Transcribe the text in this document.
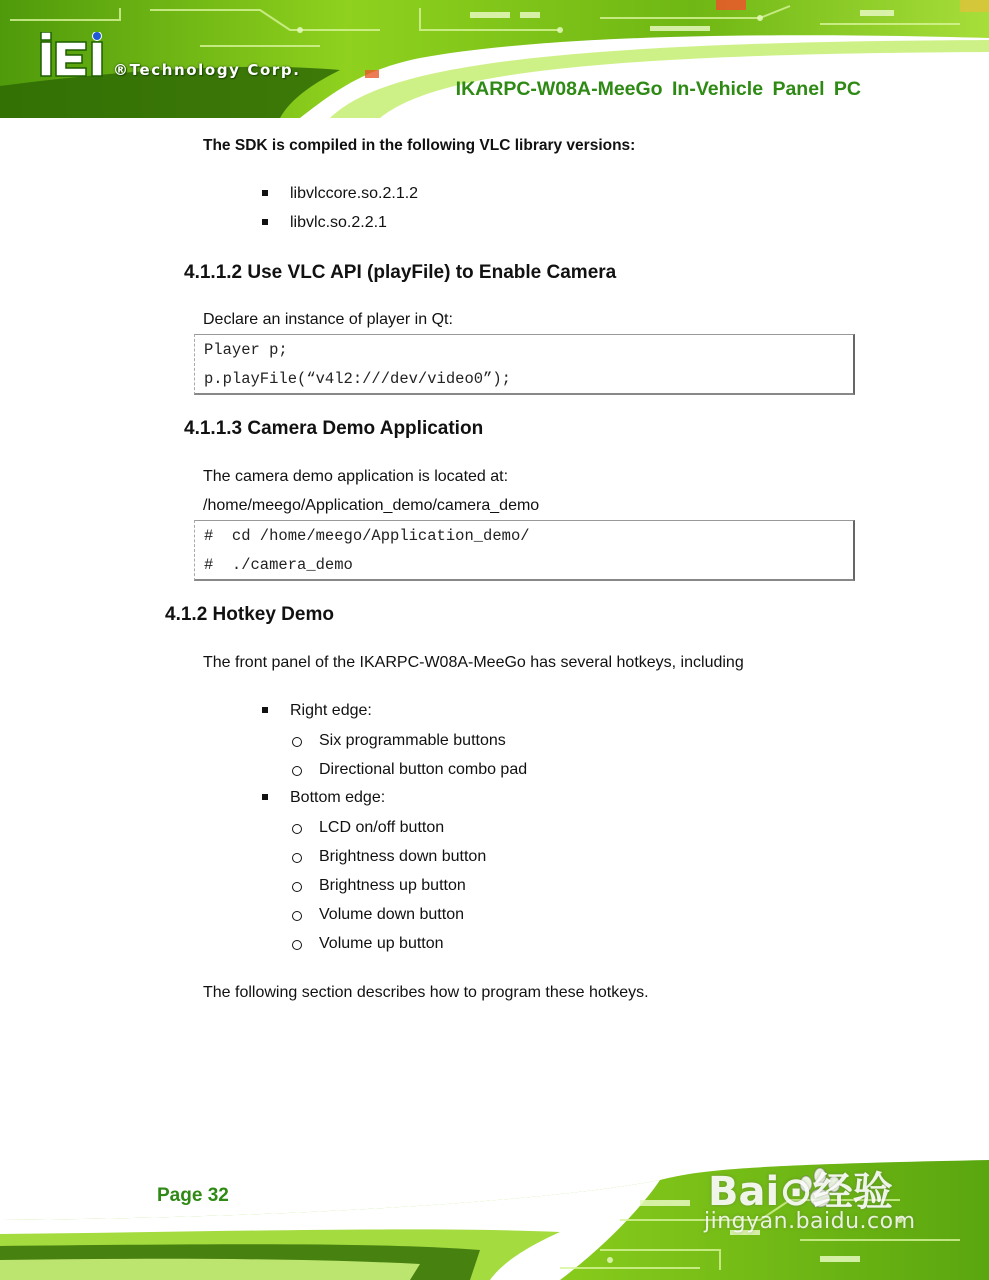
®Technology Corp.
IKARPC-W08A-MeeGo In-Vehicle Panel PC

The SDK is compiled in the following VLC library versions:

libvlccore.so.2.1.2

libvlc.so.2.2.1

4.1.1.2 Use VLC API (playFile) to Enable Camera

Declare an instance of player in Qt:

Player p;
p.playFile(“v4l2:///dev/video0”);
4.1.1.3 Camera Demo Application

The camera demo application is located at:

/home/meego/Application_demo/camera_demo

#  cd /home/meego/Application_demo/
#  ./camera_demo
4.1.2 Hotkey Demo

The front panel of the IKARPC-W08A-MeeGo has several hotkeys, including

Right edge:

Six programmable buttons

Directional button combo pad

Bottom edge:

LCD on/off button

Brightness down button

Brightness up button

Volume down button

Volume up button

The following section describes how to program these hotkeys.

Page 32	Bai⊙经验
jingyan.baidu.com
